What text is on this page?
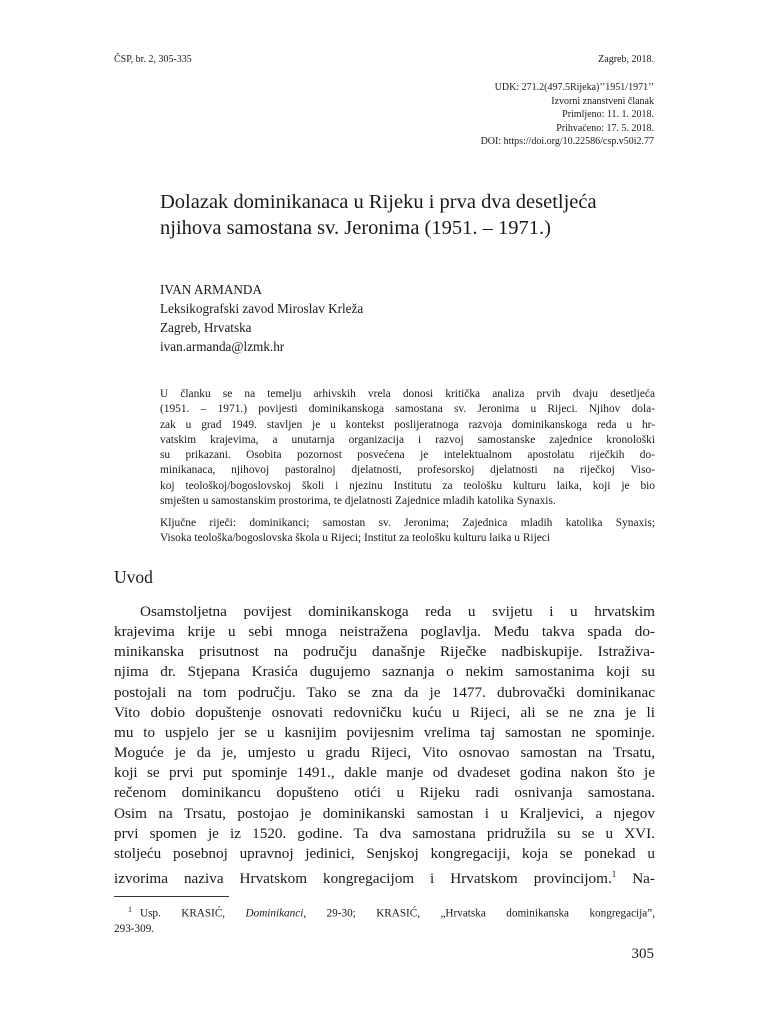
ČSP, br. 2, 305-335	Zagreb, 2018.
UDK: 271.2(497.5Rijeka)’’1951/1971’’
Izvorni znanstveni članak
Primljeno: 11. 1. 2018.
Prihvaćeno: 17. 5. 2018.
DOI: https://doi.org/10.22586/csp.v50i2.77
Dolazak dominikanaca u Rijeku i prva dva desetljeća
njihova samostana sv. Jeronima (1951. – 1971.)
IVAN ARMANDA
Leksikografski zavod Miroslav Krleža
Zagreb, Hrvatska
ivan.armanda@lzmk.hr
U članku se na temelju arhivskih vrela donosi kritička analiza prvih dvaju desetljeća
(1951. – 1971.) povijesti dominikanskoga samostana sv. Jeronima u Rijeci. Njihov dola-
zak u grad 1949. stavljen je u kontekst poslijeratnoga razvoja dominikanskoga reda u hr-
vatskim krajevima, a unutarnja organizacija i razvoj samostanske zajednice kronološki
su prikazani. Osobita pozornost posvećena je intelektualnom apostolatu riječkih do-
minikanaca, njihovoj pastoralnoj djelatnosti, profesorskoj djelatnosti na riječkoj Viso-
koj teološkoj/bogoslovskoj školi i njezinu Institutu za teološku kulturu laika, koji je bio
smješten u samostanskim prostorima, te djelatnosti Zajednice mladih katolika Synaxis.
Ključne riječi: dominikanci; samostan sv. Jeronima; Zajednica mladih katolika Synaxis;
Visoka teološka/bogoslovska škola u Rijeci; Institut za teološku kulturu laika u Rijeci
Uvod
Osamstoljetna povijest dominikanskoga reda u svijetu i u hrvatskim
krajevima krije u sebi mnoga neistražena poglavlja. Među takva spada do-
minikanska prisutnost na području današnje Riječke nadbiskupije. Istraživa-
njima dr. Stjepana Krasića dugujemo saznanja o nekim samostanima koji su
postojali na tom području. Tako se zna da je 1477. dubrovački dominikanac
Vito dobio dopuštenje osnovati redovničku kuću u Rijeci, ali se ne zna je li
mu to uspjelo jer se u kasnijim povijesnim vrelima taj samostan ne spominje.
Moguće je da je, umjesto u gradu Rijeci, Vito osnovao samostan na Trsatu,
koji se prvi put spominje 1491., dakle manje od dvadeset godina nakon što je
rečenom dominikancu dopušteno otići u Rijeku radi osnivanja samostana.
Osim na Trsatu, postojao je dominikanski samostan i u Kraljevici, a njegov
prvi spomen je iz 1520. godine. Ta dva samostana pridružila su se u XVI.
stoljeću posebnoj upravnoj jedinici, Senjskoj kongregaciji, koja se ponekad u
izvorima naziva Hrvatskom kongregacijom i Hrvatskom provincijom.$^1$ Na-
$^1$ Usp. KRASIĆ, Dominikanci, 29-30; KRASIĆ, „Hrvatska dominikanska kongregacija”,
293-309.
305
